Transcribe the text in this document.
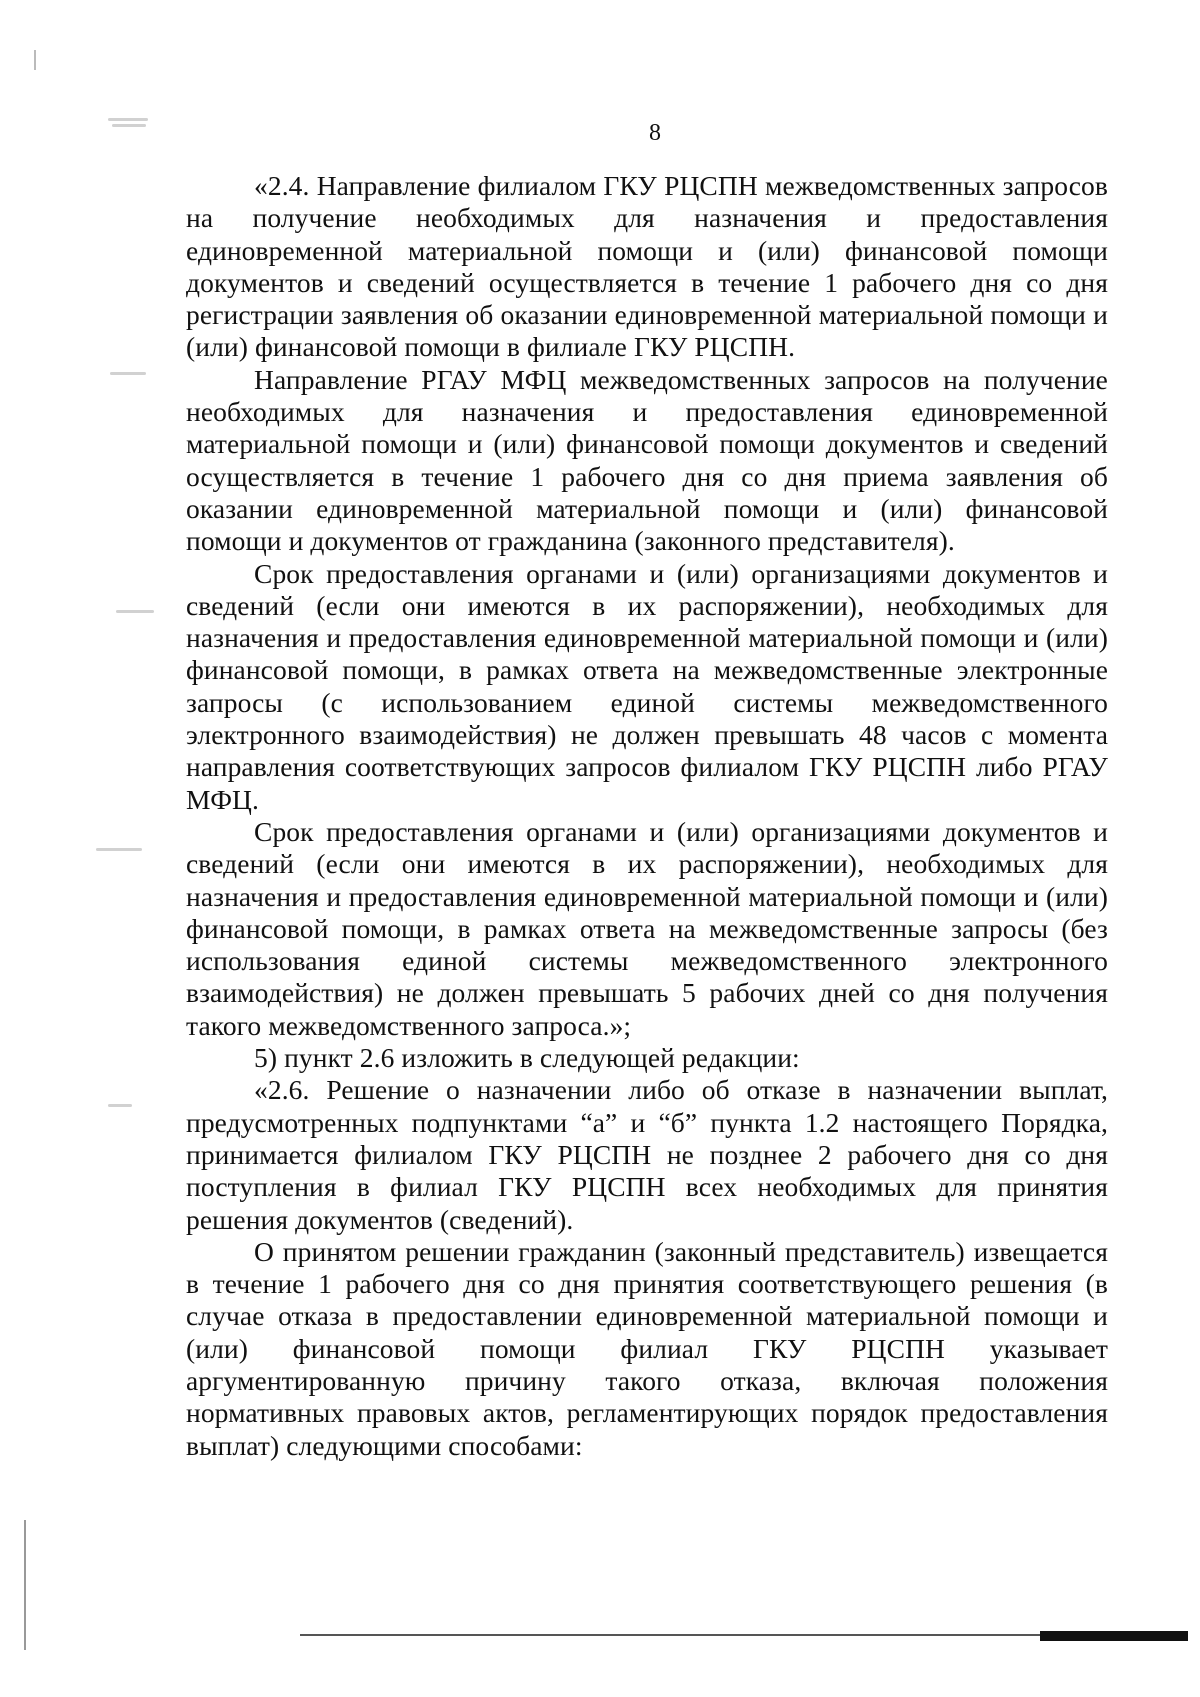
8

«2.4. Направление филиалом ГКУ РЦСПН межведомственных запросов на получение необходимых для назначения и предоставления единовременной материальной помощи и (или) финансовой помощи документов и сведений осуществляется в течение 1 рабочего дня со дня регистрации заявления об оказании единовременной материальной помощи и (или) финансовой помощи в филиале ГКУ РЦСПН.

Направление РГАУ МФЦ межведомственных запросов на получение необходимых для назначения и предоставления единовременной материальной помощи и (или) финансовой помощи документов и сведений осуществляется в течение 1 рабочего дня со дня приема заявления об оказании единовременной материальной помощи и (или) финансовой помощи и документов от гражданина (законного представителя).

Срок предоставления органами и (или) организациями документов и сведений (если они имеются в их распоряжении), необходимых для назначения и предоставления единовременной материальной помощи и (или) финансовой помощи, в рамках ответа на межведомственные электронные запросы (с использованием единой системы межведомственного электронного взаимодействия) не должен превышать 48 часов с момента направления соответствующих запросов филиалом ГКУ РЦСПН либо РГАУ МФЦ.

Срок предоставления органами и (или) организациями документов и сведений (если они имеются в их распоряжении), необходимых для назначения и предоставления единовременной материальной помощи и (или) финансовой помощи, в рамках ответа на межведомственные запросы (без использования единой системы межведомственного электронного взаимодействия) не должен превышать 5 рабочих дней со дня получения такого межведомственного запроса.»;

5) пункт 2.6 изложить в следующей редакции:

«2.6. Решение о назначении либо об отказе в назначении выплат, предусмотренных подпунктами “а” и “б” пункта 1.2 настоящего Порядка, принимается филиалом ГКУ РЦСПН не позднее 2 рабочего дня со дня поступления в филиал ГКУ РЦСПН всех необходимых для принятия решения документов (сведений).

О принятом решении гражданин (законный представитель) извещается в течение 1 рабочего дня со дня принятия соответствующего решения (в случае отказа в предоставлении единовременной материальной помощи и (или) финансовой помощи филиал ГКУ РЦСПН указывает аргументированную причину такого отказа, включая положения нормативных правовых актов, регламентирующих порядок предоставления выплат) следующими способами:
